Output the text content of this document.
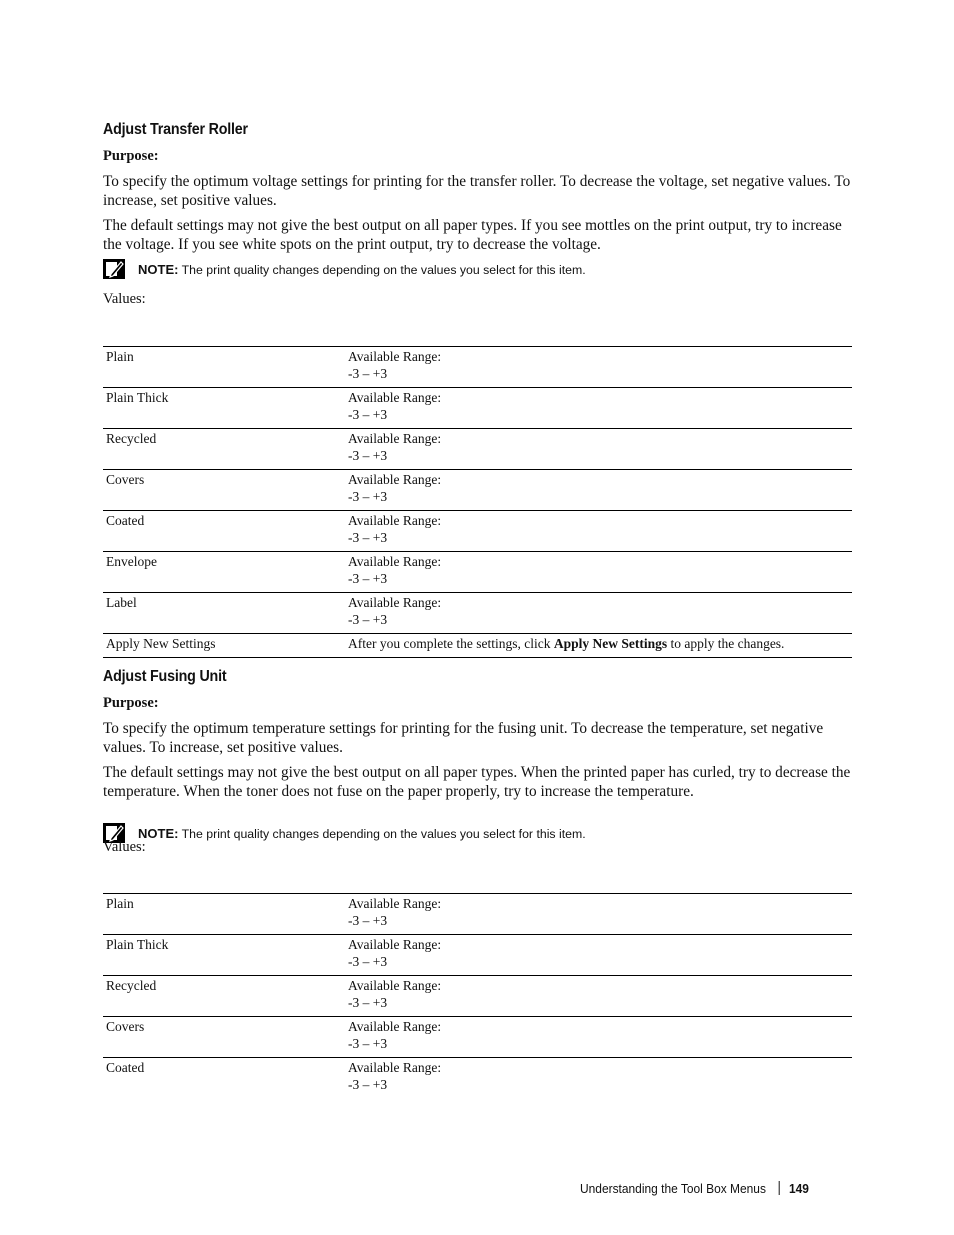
Adjust Transfer Roller

Purpose:

To specify the optimum voltage settings for printing for the transfer roller. To decrease the voltage, set negative values. To increase, set positive values.

The default settings may not give the best output on all paper types. If you see mottles on the print output, try to increase the voltage. If you see white spots on the print output, try to decrease the voltage.

NOTE: The print quality changes depending on the values you select for this item.

Values:

Plain	Available Range:
-3 – +3
Plain Thick	Available Range:
-3 – +3
Recycled	Available Range:
-3 – +3
Covers	Available Range:
-3 – +3
Coated	Available Range:
-3 – +3
Envelope	Available Range:
-3 – +3
Label	Available Range:
-3 – +3
Apply New Settings	After you complete the settings, click Apply New Settings to apply the changes.
Adjust Fusing Unit

Purpose:

To specify the optimum temperature settings for printing for the fusing unit. To decrease the temperature, set negative values. To increase, set positive values.

The default settings may not give the best output on all paper types. When the printed paper has curled, try to decrease the temperature. When the toner does not fuse on the paper properly, try to increase the temperature.

NOTE: The print quality changes depending on the values you select for this item.

Values:

Plain	Available Range:
-3 – +3
Plain Thick	Available Range:
-3 – +3
Recycled	Available Range:
-3 – +3
Covers	Available Range:
-3 – +3
Coated	Available Range:
-3 – +3
Understanding the Tool Box Menus 149
